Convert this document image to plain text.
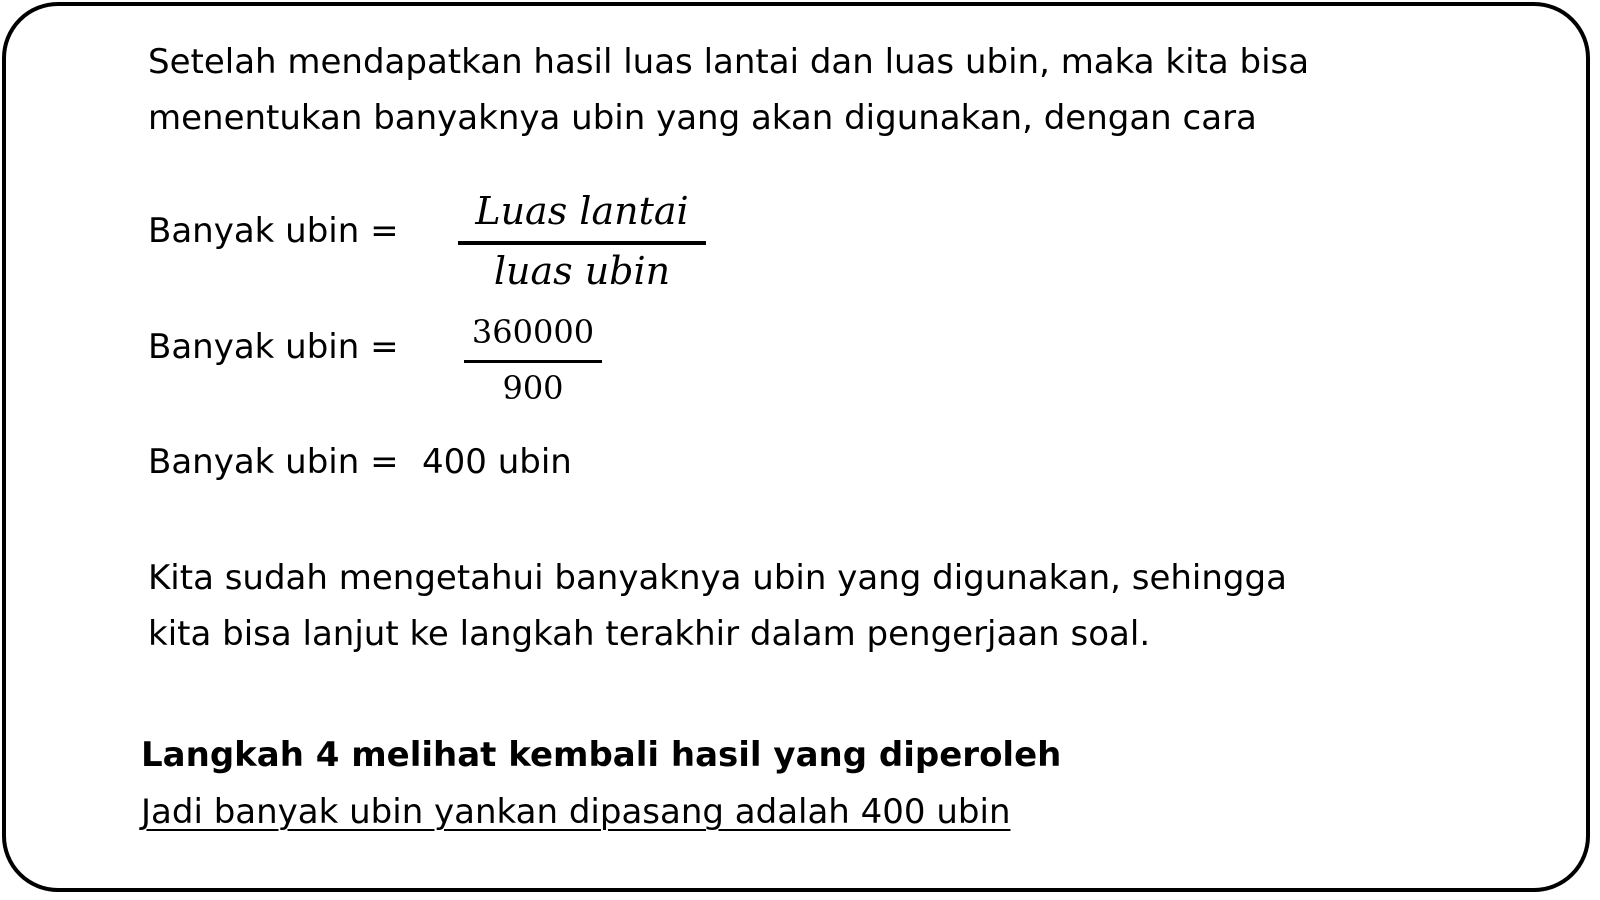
Setelah mendapatkan hasil luas lantai dan luas ubin, maka kita bisa
menentukan banyaknya ubin yang akan digunakan, dengan cara
Banyak ubin =	Luas lantai
luas ubin
Banyak ubin = 360000
900
Banyak ubin = 400 ubin
Kita sudah mengetahui banyaknya ubin yang digunakan, sehingga
kita bisa lanjut ke langkah terakhir dalam pengerjaan soal.
Langkah 4 melihat kembali hasil yang diperoleh
Jadi banyak ubin yankan dipasang adalah 400 ubin
